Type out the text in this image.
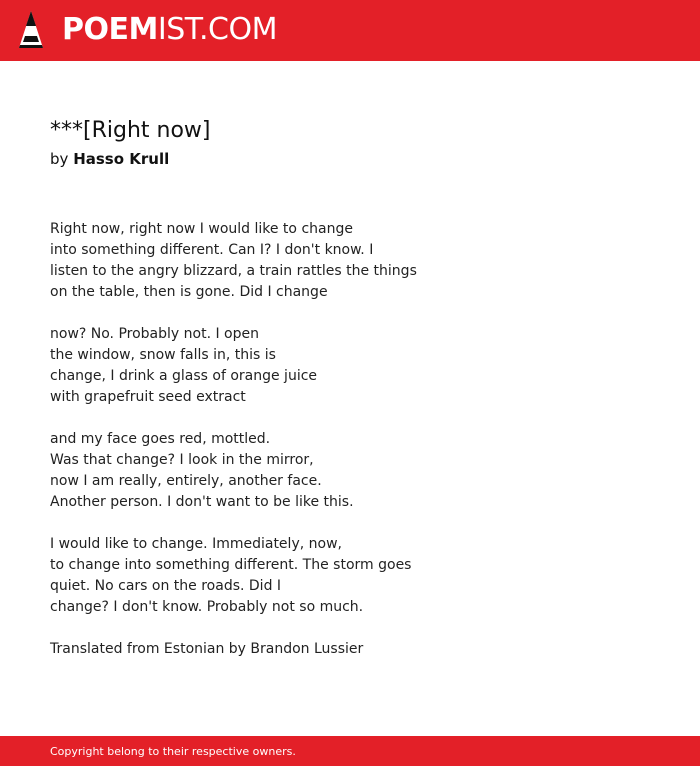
POEMIST.COM
***[Right now]
by Hasso Krull
Right now, right now I would like to change
into something different. Can I? I don't know. I
listen to the angry blizzard, a train rattles the things
on the table, then is gone. Did I change
now? No. Probably not. I open
the window, snow falls in, this is
change, I drink a glass of orange juice
with grapefruit seed extract
and my face goes red, mottled.
Was that change? I look in the mirror,
now I am really, entirely, another face.
Another person. I don't want to be like this.
I would like to change. Immediately, now,
to change into something different. The storm goes
quiet. No cars on the roads. Did I
change? I don't know. Probably not so much.
Translated from Estonian by Brandon Lussier
Copyright belong to their respective owners.
